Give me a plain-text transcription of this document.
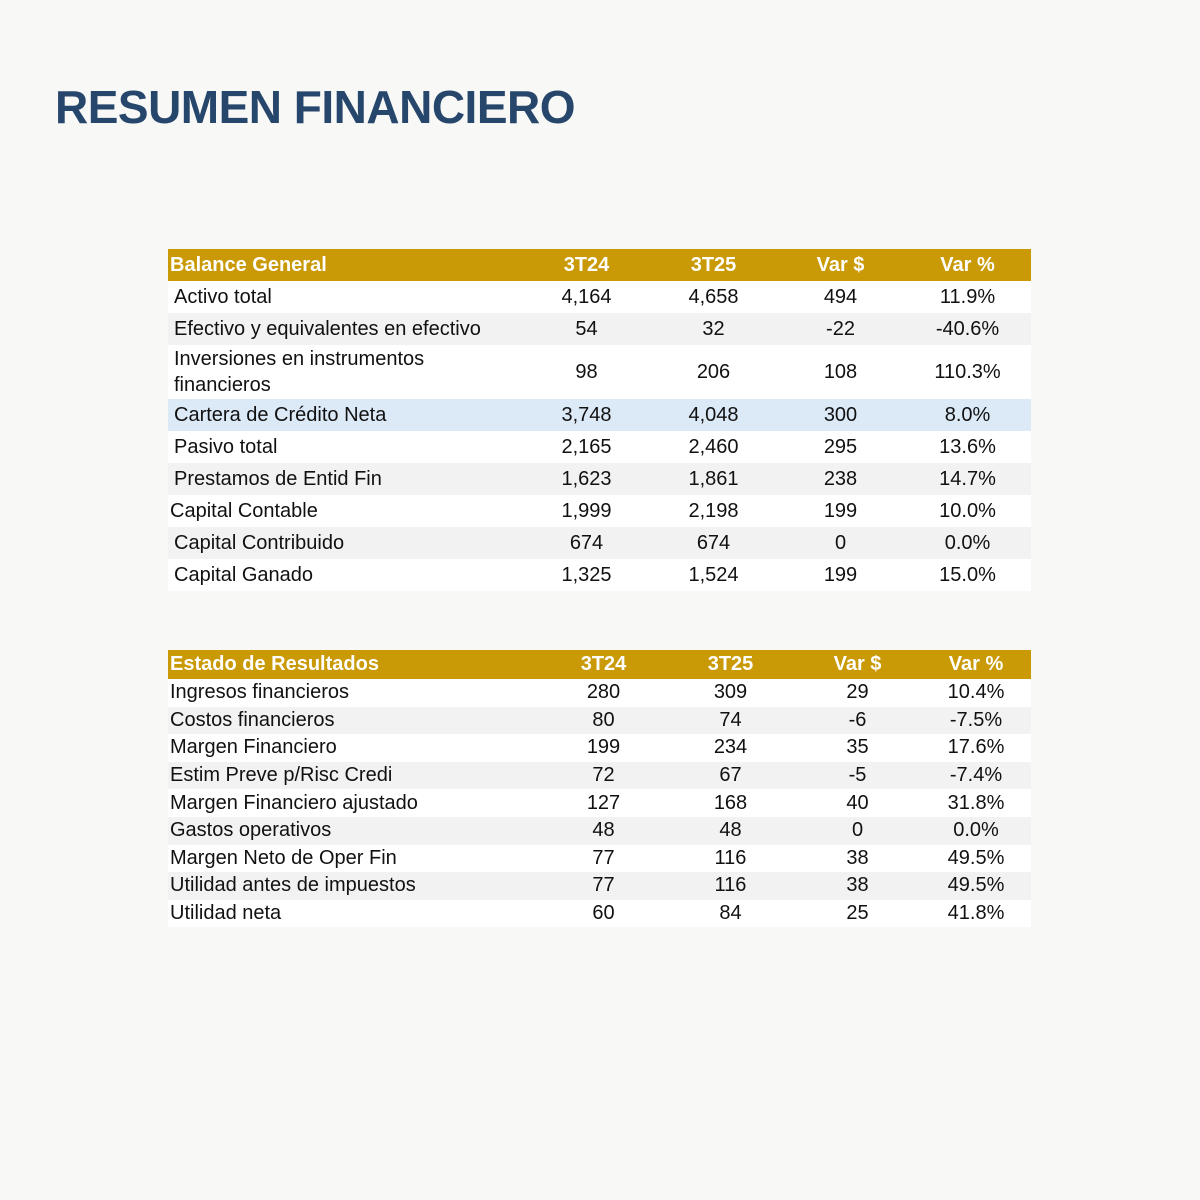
RESUMEN FINANCIERO
Balance General	3T24	3T25	Var $	Var %
Activo total	4,164	4,658	494	11.9%
Efectivo y equivalentes en efectivo	54	32	-22	-40.6%
Inversiones en instrumentos financieros	98	206	108	110.3%
Cartera de Crédito Neta	3,748	4,048	300	8.0%
Pasivo total	2,165	2,460	295	13.6%
Prestamos de Entid Fin	1,623	1,861	238	14.7%
Capital Contable	1,999	2,198	199	10.0%
Capital Contribuido	674	674	0	0.0%
Capital Ganado	1,325	1,524	199	15.0%
Estado de Resultados	3T24	3T25	Var $	Var %
Ingresos financieros	280	309	29	10.4%
Costos financieros	80	74	-6	-7.5%
Margen Financiero	199	234	35	17.6%
Estim Preve p/Risc Credi	72	67	-5	-7.4%
Margen Financiero ajustado	127	168	40	31.8%
Gastos operativos	48	48	0	0.0%
Margen Neto de Oper Fin	77	116	38	49.5%
Utilidad antes de impuestos	77	116	38	49.5%
Utilidad neta	60	84	25	41.8%
